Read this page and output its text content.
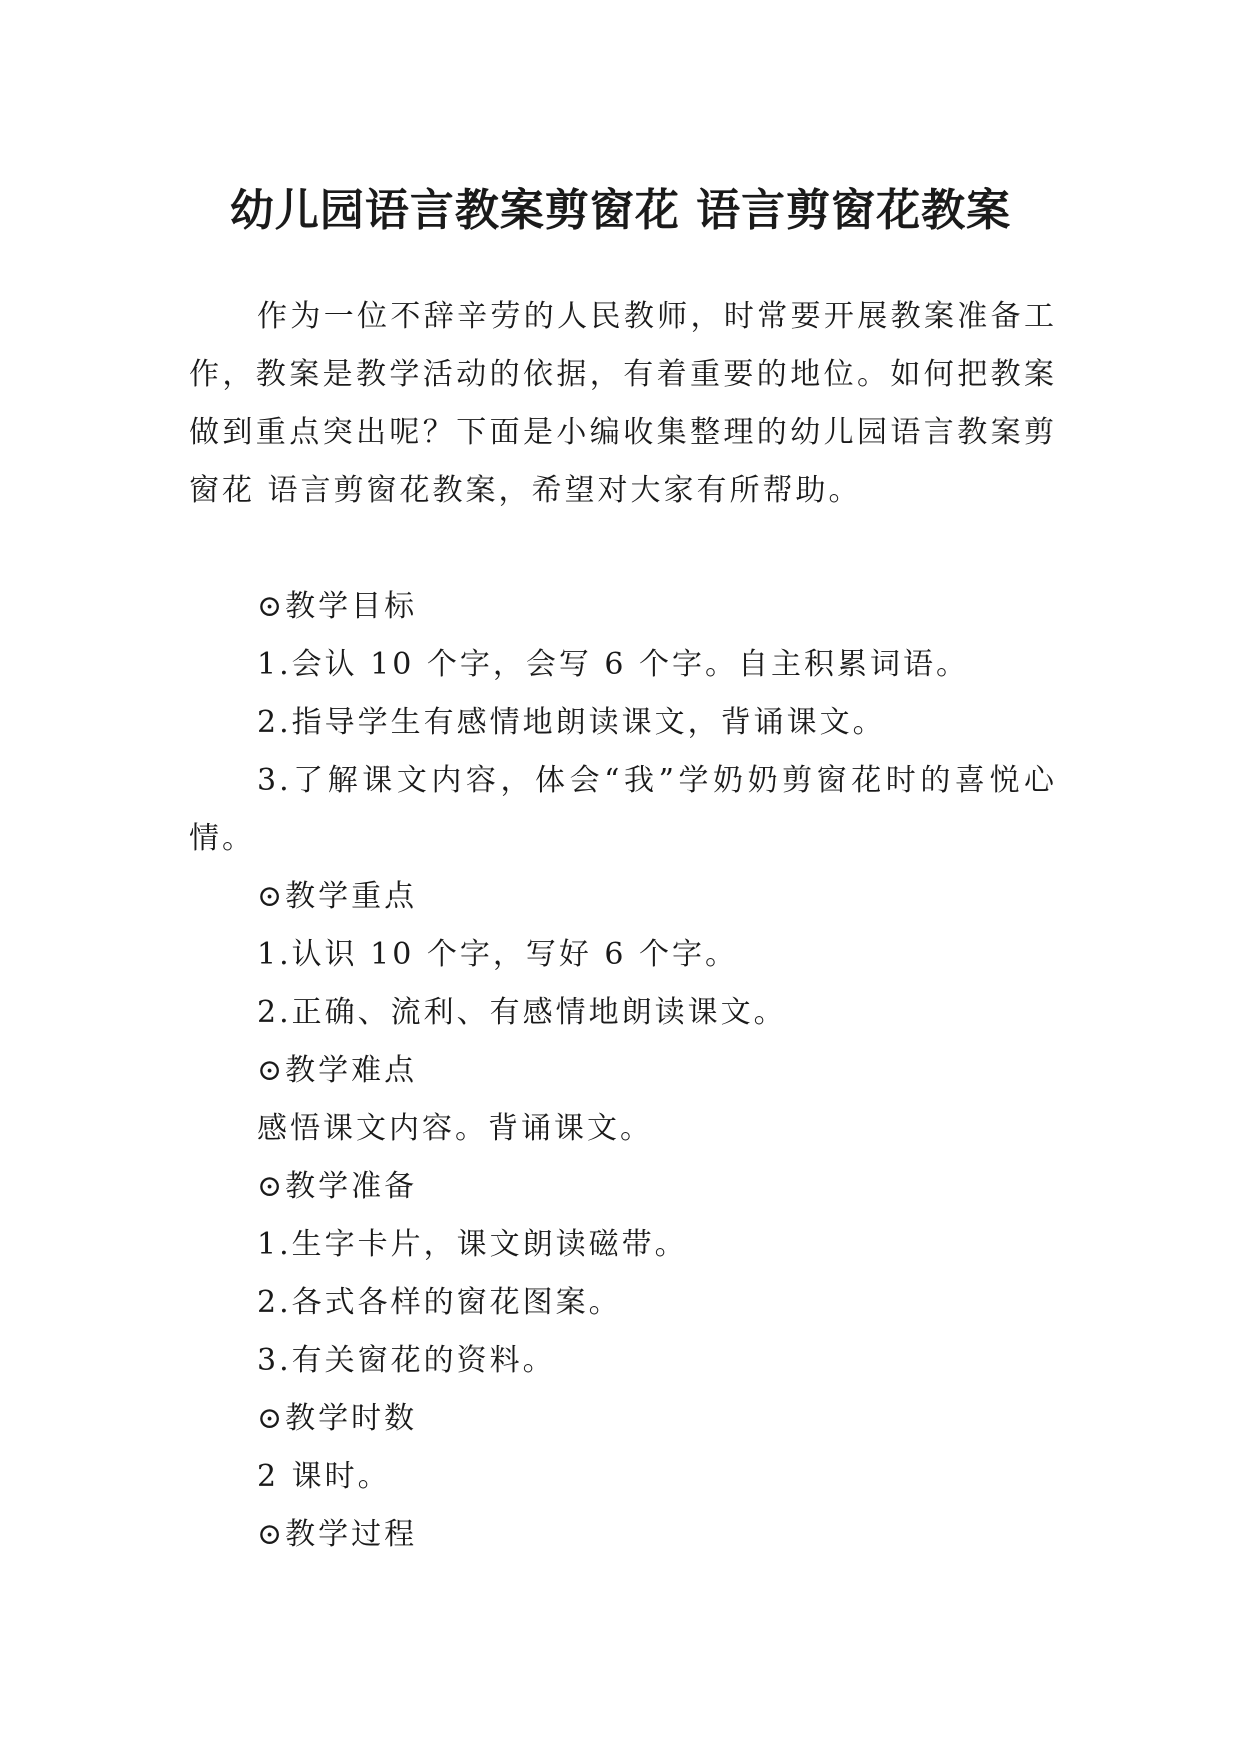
幼儿园语言教案剪窗花 语言剪窗花教案

作为一位不辞辛劳的人民教师，时常要开展教案准备工作，教案是教学活动的依据，有着重要的地位。如何把教案做到重点突出呢？下面是小编收集整理的幼儿园语言教案剪窗花 语言剪窗花教案，希望对大家有所帮助。

⊙教学目标
1.会认 10 个字，会写 6 个字。自主积累词语。
2.指导学生有感情地朗读课文，背诵课文。
3.了解课文内容，体会“我”学奶奶剪窗花时的喜悦心情。
⊙教学重点
1.认识 10 个字，写好 6 个字。
2.正确、流利、有感情地朗读课文。
⊙教学难点
感悟课文内容。背诵课文。
⊙教学准备
1.生字卡片，课文朗读磁带。
2.各式各样的窗花图案。
3.有关窗花的资料。
⊙教学时数
2 课时。
⊙教学过程
